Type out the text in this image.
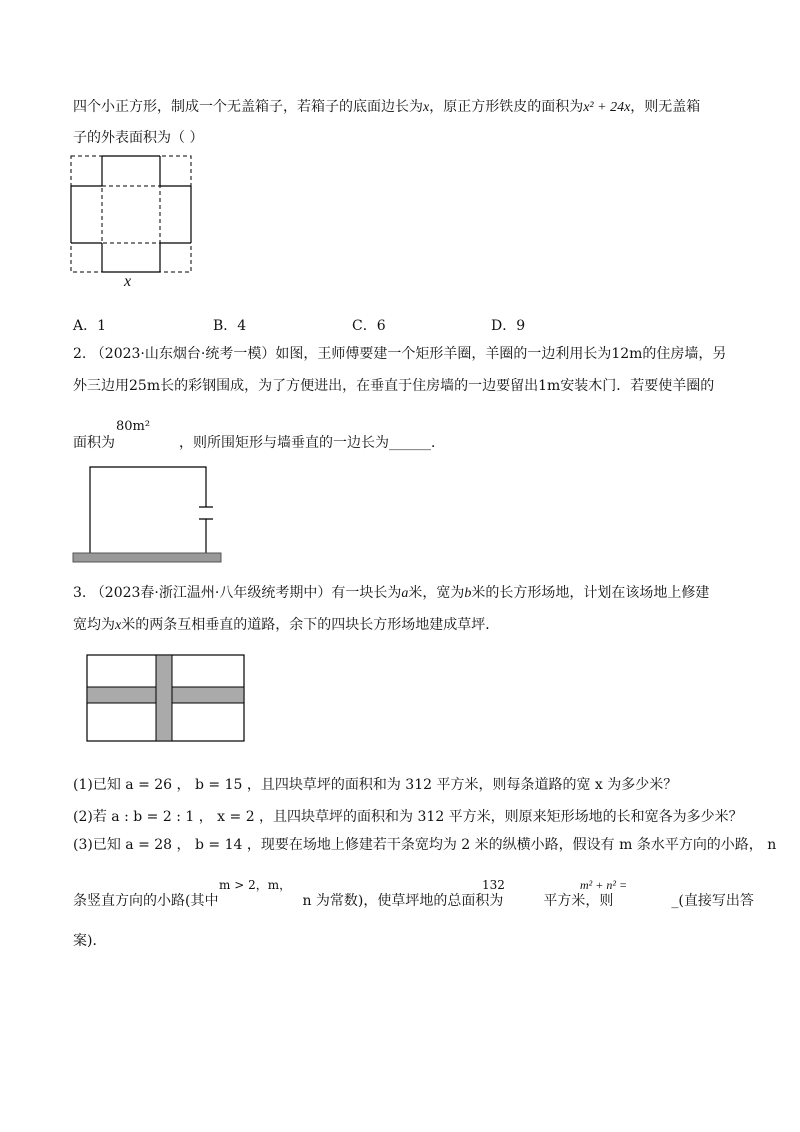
四个小正方形，制成一个无盖箱子，若箱子的底面边长为x，原正方形铁皮的面积为x² + 24x，则无盖箱
子的外表面积为（ ）
x
A．1	B．4	C．6	D．9
2. （2023·山东烟台·统考一模）如图，王师傅要建一个矩形羊圈，羊圈的一边利用长为12m的住房墙，另
外三边用25m长的彩钢围成，为了方便进出，在垂直于住房墙的一边要留出1m安装木门．若要使羊圈的
80m²
面积为	，则所围矩形与墙垂直的一边长为______．
3. （2023春·浙江温州·八年级统考期中）有一块长为a米，宽为b米的长方形场地，计划在该场地上修建
宽均为x米的两条互相垂直的道路，余下的四块长方形场地建成草坪．
(1)已知 a = 26 ， b = 15 ，且四块草坪的面积和为 312 平方米，则每条道路的宽 x 为多少米？
(2)若 a : b = 2 : 1 ， x = 2 ，且四块草坪的面积和为 312 平方米，则原来矩形场地的长和宽各为多少米？
(3)已知 a = 28 ， b = 14 ，现要在场地上修建若干条宽均为 2 米的纵横小路，假设有 m 条水平方向的小路， n
m > 2，m，	132	m² + n² =
条竖直方向的小路(其中	n 为常数)，使草坪地的总面积为	平方米，则	_(直接写出答
案)．
